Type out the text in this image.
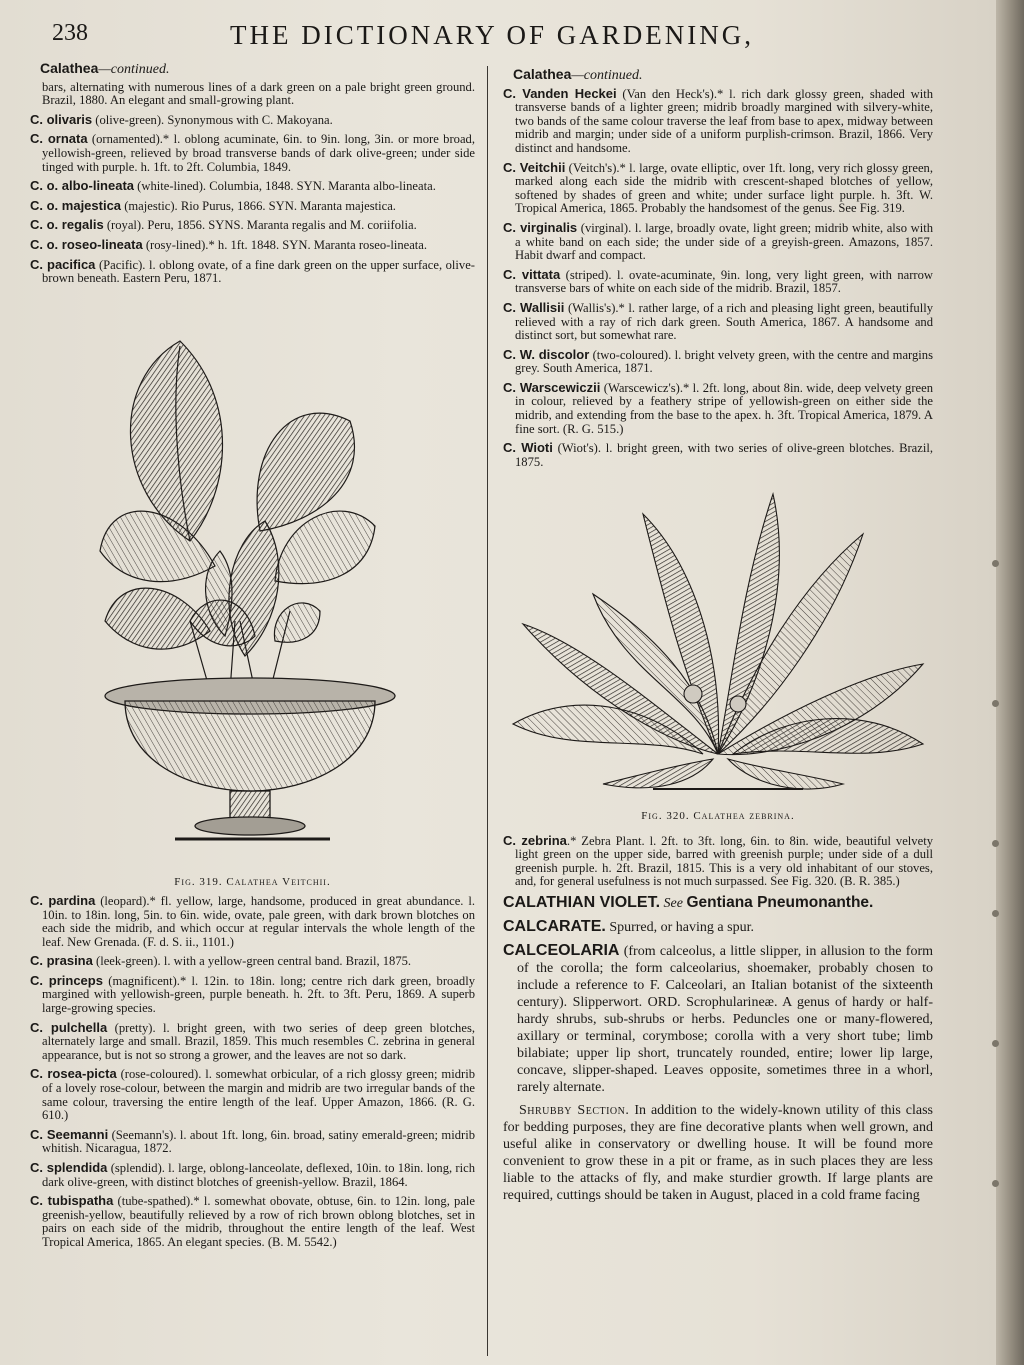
238	THE DICTIONARY OF GARDENING,
Calathea—continued.
bars, alternating with numerous lines of a dark green on a pale bright green ground. Brazil, 1880. An elegant and small-growing plant.
C. olivaris (olive-green). Synonymous with C. Makoyana.
C. ornata (ornamented).* l. oblong acuminate, 6in. to 9in. long, 3in. or more broad, yellowish-green, relieved by broad transverse bands of dark olive-green; under side tinged with purple. h. 1ft. to 2ft. Columbia, 1849.
C. o. albo-lineata (white-lined). Columbia, 1848. SYN. Maranta albo-lineata.
C. o. majestica (majestic). Rio Purus, 1866. SYN. Maranta majestica.
C. o. regalis (royal). Peru, 1856. SYNS. Maranta regalis and M. coriifolia.
C. o. roseo-lineata (rosy-lined).* h. 1ft. 1848. SYN. Maranta roseo-lineata.
C. pacifica (Pacific). l. oblong ovate, of a fine dark green on the upper surface, olive-brown beneath. Eastern Peru, 1871.
Fig. 319. Calathea Veitchii.
C. pardina (leopard).* fl. yellow, large, handsome, produced in great abundance. l. 10in. to 18in. long, 5in. to 6in. wide, ovate, pale green, with dark brown blotches on each side the midrib, and which occur at regular intervals the whole length of the leaf. New Grenada. (F. d. S. ii., 1101.)
C. prasina (leek-green). l. with a yellow-green central band. Brazil, 1875.
C. princeps (magnificent).* l. 12in. to 18in. long; centre rich dark green, broadly margined with yellowish-green, purple beneath. h. 2ft. to 3ft. Peru, 1869. A superb large-growing species.
C. pulchella (pretty). l. bright green, with two series of deep green blotches, alternately large and small. Brazil, 1859. This much resembles C. zebrina in general appearance, but is not so strong a grower, and the leaves are not so dark.
C. rosea-picta (rose-coloured). l. somewhat orbicular, of a rich glossy green; midrib of a lovely rose-colour, between the margin and midrib are two irregular bands of the same colour, traversing the entire length of the leaf. Upper Amazon, 1866. (R. G. 610.)
C. Seemanni (Seemann's). l. about 1ft. long, 6in. broad, satiny emerald-green; midrib whitish. Nicaragua, 1872.
C. splendida (splendid). l. large, oblong-lanceolate, deflexed, 10in. to 18in. long, rich dark olive-green, with distinct blotches of greenish-yellow. Brazil, 1864.
C. tubispatha (tube-spathed).* l. somewhat obovate, obtuse, 6in. to 12in. long, pale greenish-yellow, beautifully relieved by a row of rich brown oblong blotches, set in pairs on each side of the midrib, throughout the entire length of the leaf. West Tropical America, 1865. An elegant species. (B. M. 5542.)
Calathea—continued.
C. Vanden Heckei (Van den Heck's).* l. rich dark glossy green, shaded with transverse bands of a lighter green; midrib broadly margined with silvery-white, two bands of the same colour traverse the leaf from base to apex, midway between midrib and margin; under side of a uniform purplish-crimson. Brazil, 1866. Very distinct and handsome.
C. Veitchii (Veitch's).* l. large, ovate elliptic, over 1ft. long, very rich glossy green, marked along each side the midrib with crescent-shaped blotches of yellow, softened by shades of green and white; under surface light purple. h. 3ft. W. Tropical America, 1865. Probably the handsomest of the genus. See Fig. 319.
C. virginalis (virginal). l. large, broadly ovate, light green; midrib white, also with a white band on each side; the under side of a greyish-green. Amazons, 1857. Habit dwarf and compact.
C. vittata (striped). l. ovate-acuminate, 9in. long, very light green, with narrow transverse bars of white on each side of the midrib. Brazil, 1857.
C. Wallisii (Wallis's).* l. rather large, of a rich and pleasing light green, beautifully relieved with a ray of rich dark green. South America, 1867. A handsome and distinct sort, but somewhat rare.
C. W. discolor (two-coloured). l. bright velvety green, with the centre and margins grey. South America, 1871.
C. Warscewiczii (Warscewicz's).* l. 2ft. long, about 8in. wide, deep velvety green in colour, relieved by a feathery stripe of yellowish-green on either side the midrib, and extending from the base to the apex. h. 3ft. Tropical America, 1879. A fine sort. (R. G. 515.)
C. Wioti (Wiot's). l. bright green, with two series of olive-green blotches. Brazil, 1875.
Fig. 320. Calathea zebrina.
C. zebrina.* Zebra Plant. l. 2ft. to 3ft. long, 6in. to 8in. wide, beautiful velvety light green on the upper side, barred with greenish purple; under side of a dull greenish purple. h. 2ft. Brazil, 1815. This is a very old inhabitant of our stoves, and, for general usefulness is not much surpassed. See Fig. 320. (B. R. 385.)
CALATHIAN VIOLET. See Gentiana Pneumonanthe.
CALCARATE. Spurred, or having a spur.
CALCEOLARIA (from calceolus, a little slipper, in allusion to the form of the corolla; the form calceolarius, shoemaker, probably chosen to include a reference to F. Calceolari, an Italian botanist of the sixteenth century). Slipperwort. ORD. Scrophularineæ. A genus of hardy or half-hardy shrubs, sub-shrubs or herbs. Peduncles one or many-flowered, axillary or terminal, corymbose; corolla with a very short tube; limb bilabiate; upper lip short, truncately rounded, entire; lower lip large, concave, slipper-shaped. Leaves opposite, sometimes three in a whorl, rarely alternate.
Shrubby Section. In addition to the widely-known utility of this class for bedding purposes, they are fine decorative plants when well grown, and useful alike in conservatory or dwelling house. It will be found more convenient to grow these in a pit or frame, as in such places they are less liable to the attacks of fly, and make sturdier growth. If large plants are required, cuttings should be taken in August, placed in a cold frame facing
